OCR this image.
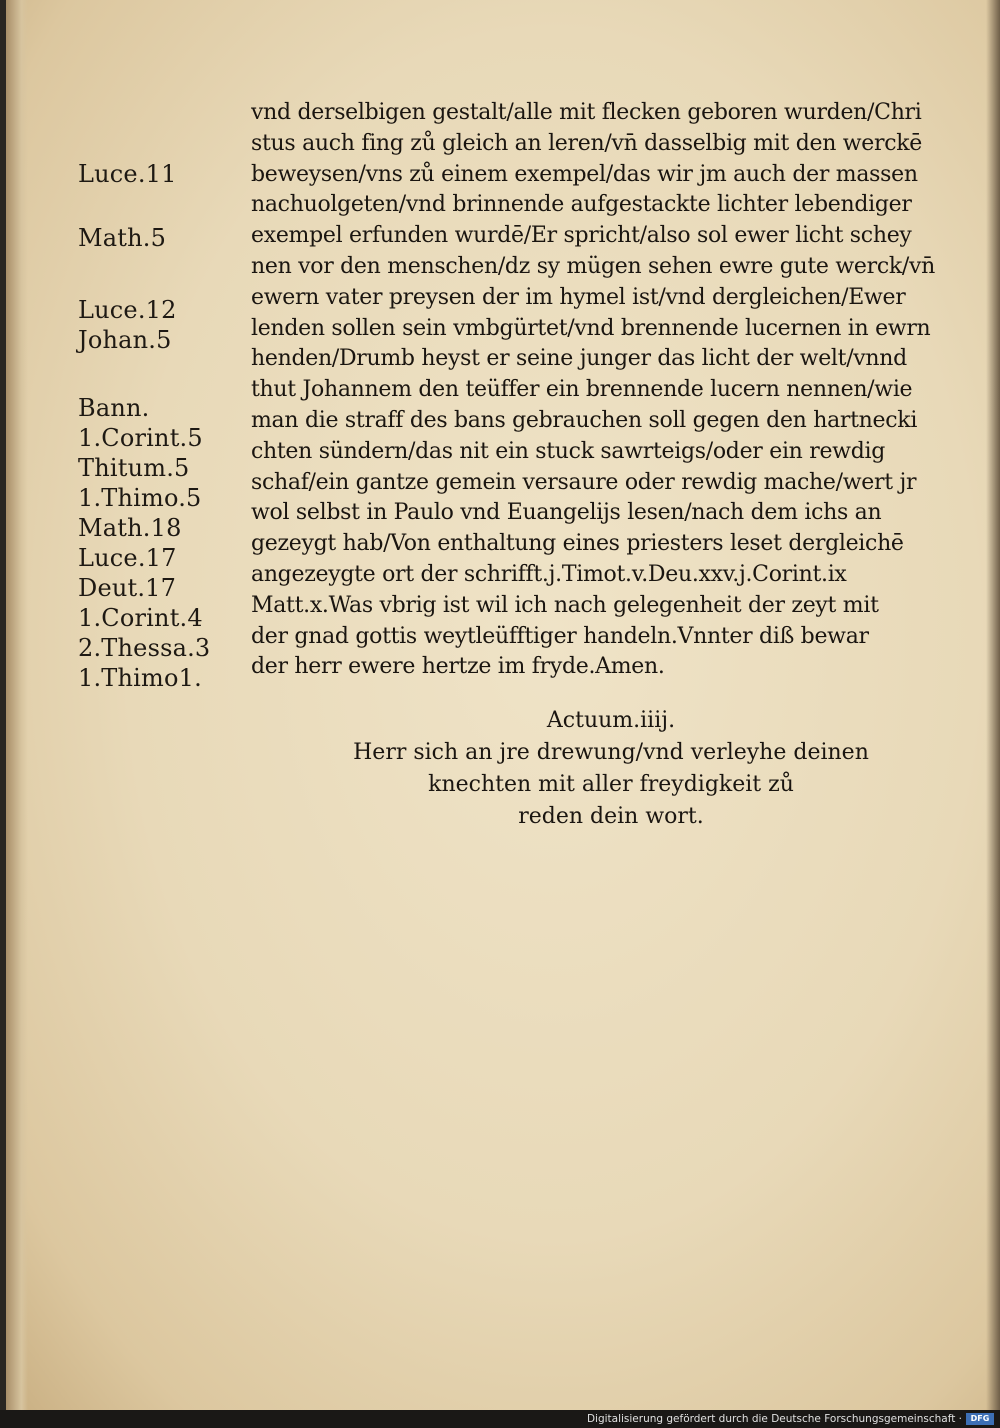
Luce.11
Math.5
Luce.12
Johan.5
Bann.
1.Corint.5
Thitum.5
1.Thimo.5
Math.18
Luce.17
Deut.17
1.Corint.4
2.Thessa.3
1.Thimo1.
vnd derselbigen gestalt/alle mit flecken geboren wurden/Chri
stus auch fing zů gleich an leren/vn̄ dasselbig mit den werckē
beweysen/vns zů einem exempel/das wir jm auch der massen
nachuolgeten/vnd brinnende aufgestackte lichter lebendiger
exempel erfunden wurdē/Er spricht/also sol ewer licht schey
nen vor den menschen/dz sy mügen sehen ewre gute werck/vn̄
ewern vater preysen der im hymel ist/vnd dergleichen/Ewer
lenden sollen sein vmbgürtet/vnd brennende lucernen in ewrn
henden/Drumb heyst er seine junger das licht der welt/vnnd
thut Johannem den teüffer ein brennende lucern nennen/wie
man die straff des bans gebrauchen soll gegen den hartnecki
chten sündern/das nit ein stuck sawrteigs/oder ein rewdig
schaf/ein gantze gemein versaure oder rewdig mache/wert jr
wol selbst in Paulo vnd Euangelijs lesen/nach dem ichs an
gezeygt hab/Von enthaltung eines priesters leset dergleichē
angezeygte ort der schrifft.j.Timot.v.Deu.xxv.j.Corint.ix
Matt.x.Was vbrig ist wil ich nach gelegenheit der zeyt mit
der gnad gottis weytleüfftiger handeln.Vnnter diß bewar
der herr ewere hertze im fryde.Amen.
Actuum.iiij.
Herr sich an jre drewung/vnd verleyhe deinen
knechten mit aller freydigkeit zů
reden dein wort.
Digitalisierung gefördert durch die Deutsche Forschungsgemeinschaft ·	DFG
